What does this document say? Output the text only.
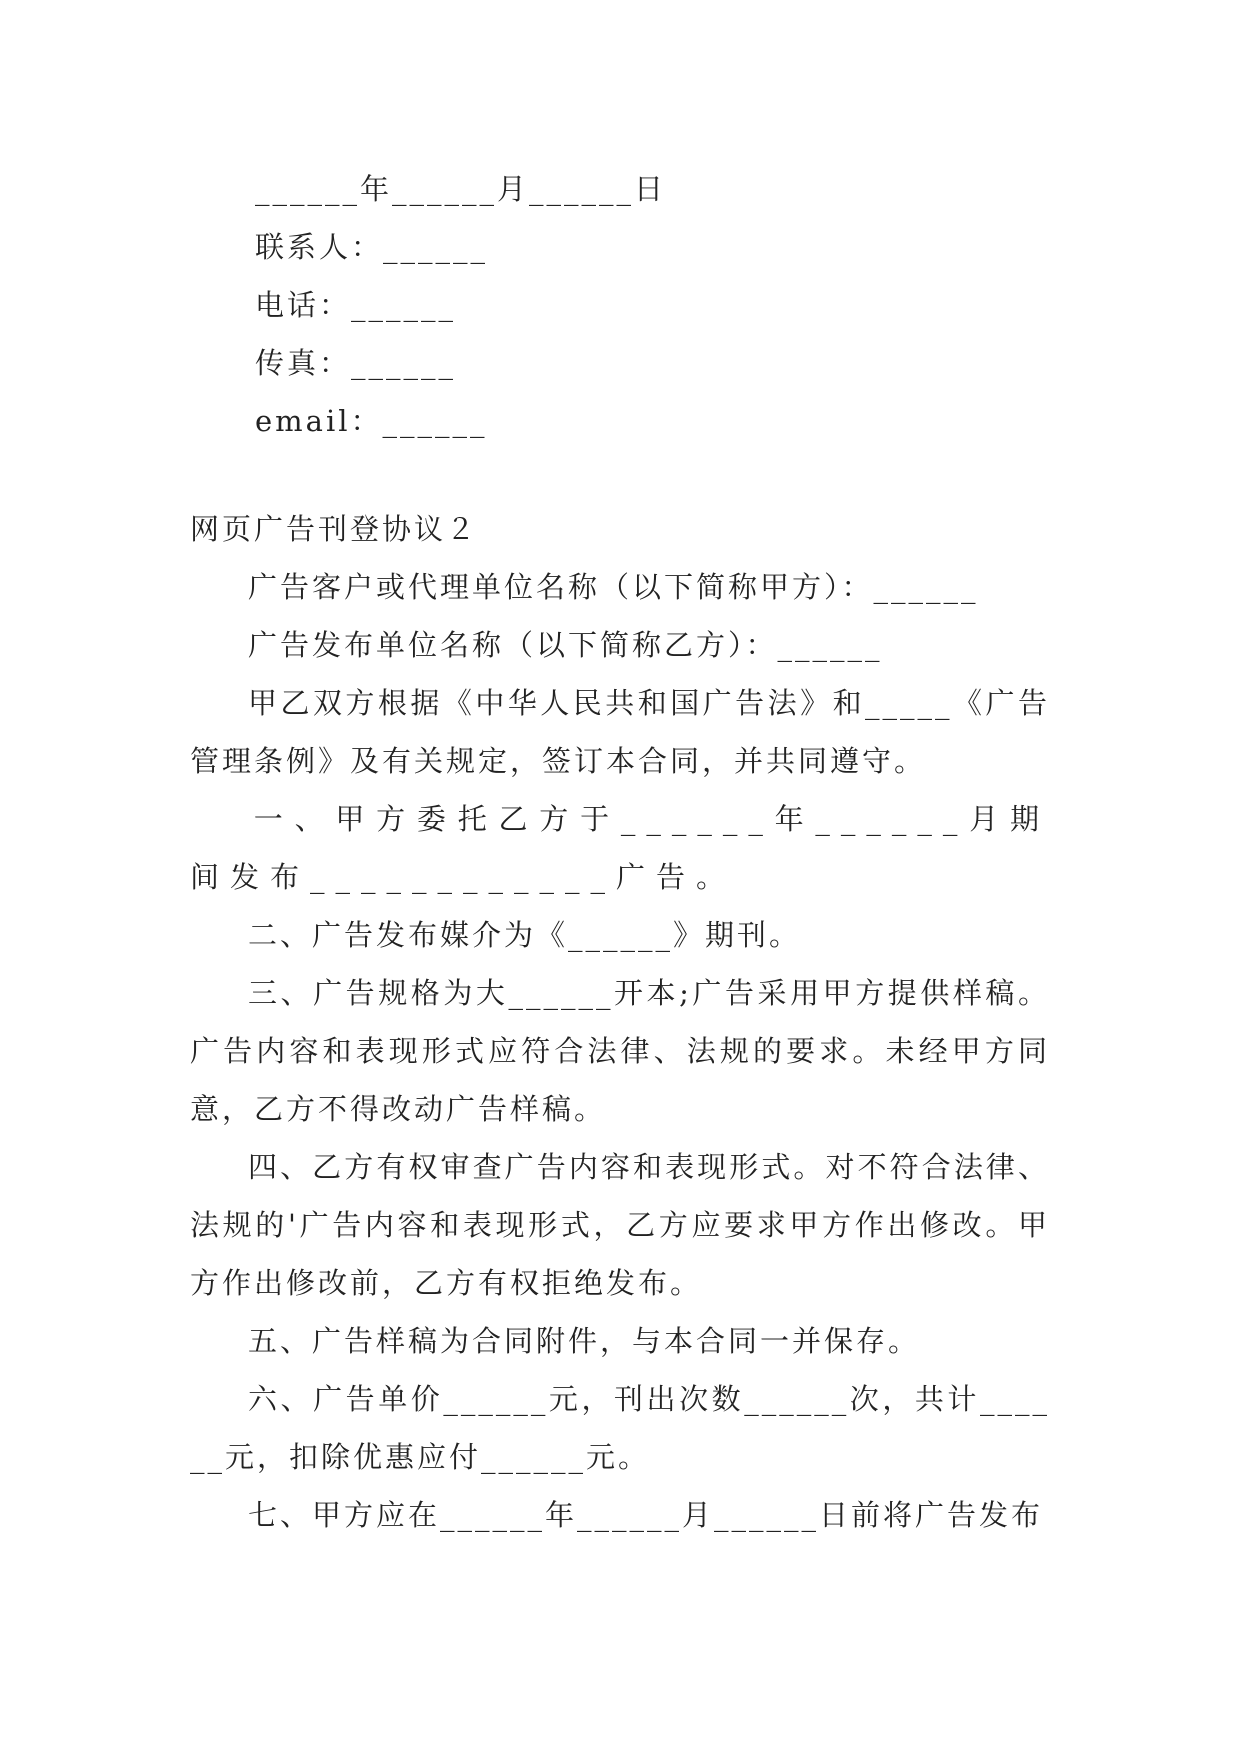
______年______月______日
联系人：______
电话：______
传真：______
email：______
网页广告刊登协议２

广告客户或代理单位名称（以下简称甲方）：______

广告发布单位名称（以下简称乙方）：______

甲乙双方根据《中华人民共和国广告法》和_____《广告管理条例》及有关规定，签订本合同，并共同遵守。

一、甲方委托乙方于______年______月期间发布____________广告。

二、广告发布媒介为《______》期刊。

三、广告规格为大______开本;广告采用甲方提供样稿。广告内容和表现形式应符合法律、法规的要求。未经甲方同意，乙方不得改动广告样稿。

四、乙方有权审查广告内容和表现形式。对不符合法律、法规的'广告内容和表现形式，乙方应要求甲方作出修改。甲方作出修改前，乙方有权拒绝发布。

五、广告样稿为合同附件，与本合同一并保存。

六、广告单价______元，刊出次数______次，共计______元，扣除优惠应付______元。

七、甲方应在______年______月______日前将广告发布
